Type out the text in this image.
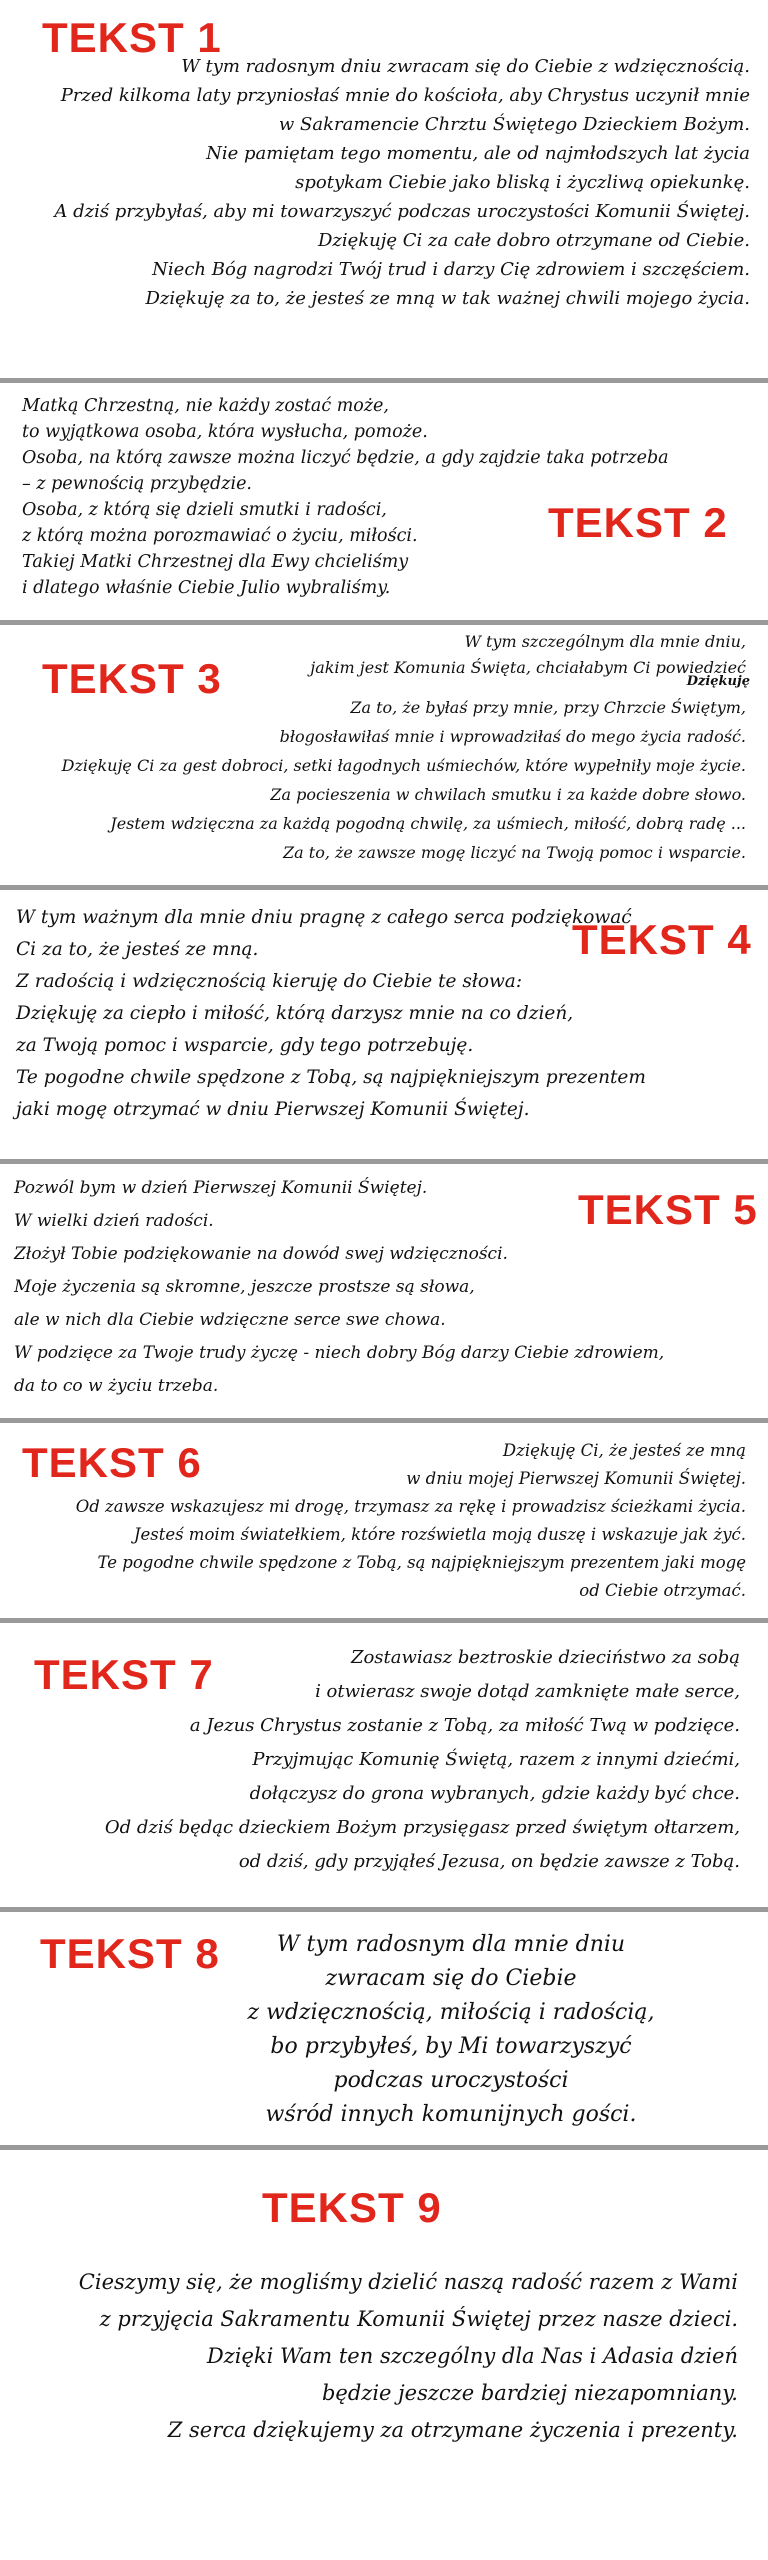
TEKST 1
W tym radosnym dniu zwracam się do Ciebie z wdzięcznością.
Przed kilkoma laty przyniosłaś mnie do kościoła, aby Chrystus uczynił mnie
w Sakramencie Chrztu Świętego Dzieckiem Bożym.
Nie pamiętam tego momentu, ale od najmłodszych lat życia
spotykam Ciebie jako bliską i życzliwą opiekunkę.
A dziś przybyłaś, aby mi towarzyszyć podczas uroczystości Komunii Świętej.
Dziękuję Ci za całe dobro otrzymane od Ciebie.
Niech Bóg nagrodzi Twój trud i darzy Cię zdrowiem i szczęściem.
Dziękuję za to, że jesteś ze mną w tak ważnej chwili mojego życia.
Matką Chrzestną, nie każdy zostać może,
to wyjątkowa osoba, która wysłucha, pomoże.
Osoba, na którą zawsze można liczyć będzie, a gdy zajdzie taka potrzeba
– z pewnością przybędzie.
Osoba, z którą się dzieli smutki i radości,
z którą można porozmawiać o życiu, miłości.
Takiej Matki Chrzestnej dla Ewy chcieliśmy
i dlatego właśnie Ciebie Julio wybraliśmy.
TEKST 2
TEKST 3
W tym szczególnym dla mnie dniu,
jakim jest Komunia Święta, chciałabym Ci powiedzieć
Dziękuję
Za to, że byłaś przy mnie, przy Chrzcie Świętym,
błogosławiłaś mnie i wprowadziłaś do mego życia radość.
Dziękuję Ci za gest dobroci, setki łagodnych uśmiechów, które wypełniły moje życie.
Za pocieszenia w chwilach smutku i za każde dobre słowo.
Jestem wdzięczna za każdą pogodną chwilę, za uśmiech, miłość, dobrą radę ...
Za to, że zawsze mogę liczyć na Twoją pomoc i wsparcie.
W tym ważnym dla mnie dniu pragnę z całego serca podziękować
Ci za to, że jesteś ze mną.
Z radością i wdzięcznością kieruję do Ciebie te słowa:
Dziękuję za ciepło i miłość, którą darzysz mnie na co dzień,
za Twoją pomoc i wsparcie, gdy tego potrzebuję.
Te pogodne chwile spędzone z Tobą, są najpiękniejszym prezentem
jaki mogę otrzymać w dniu Pierwszej Komunii Świętej.
TEKST 4
Pozwól bym w dzień Pierwszej Komunii Świętej.
W wielki dzień radości.
Złożył Tobie podziękowanie na dowód swej wdzięczności.
Moje życzenia są skromne, jeszcze prostsze są słowa,
ale w nich dla Ciebie wdzięczne serce swe chowa.
W podzięce za Twoje trudy życzę - niech dobry Bóg darzy Ciebie zdrowiem,
da to co w życiu trzeba.
TEKST 5
TEKST 6	Dziękuję Ci, że jesteś ze mną
w dniu mojej Pierwszej Komunii Świętej.
Od zawsze wskazujesz mi drogę, trzymasz za rękę i prowadzisz ścieżkami życia.
Jesteś moim światełkiem, które rozświetla moją duszę i wskazuje jak żyć.
Te pogodne chwile spędzone z Tobą, są najpiękniejszym prezentem jaki mogę
od Ciebie otrzymać.
TEKST 7	Zostawiasz beztroskie dzieciństwo za sobą
i otwierasz swoje dotąd zamknięte małe serce,
a Jezus Chrystus zostanie z Tobą, za miłość Twą w podzięce.
Przyjmując Komunię Świętą, razem z innymi dziećmi,
dołączysz do grona wybranych, gdzie każdy być chce.
Od dziś będąc dzieckiem Bożym przysięgasz przed świętym ołtarzem,
od dziś, gdy przyjąłeś Jezusa, on będzie zawsze z Tobą.
TEKST 8	W tym radosnym dla mnie dniu
zwracam się do Ciebie
z wdzięcznością, miłością i radością,
bo przybyłeś, by Mi towarzyszyć
podczas uroczystości
wśród innych komunijnych gości.
TEKST 9
Cieszymy się, że mogliśmy dzielić naszą radość razem z Wami
z przyjęcia Sakramentu Komunii Świętej przez nasze dzieci.
Dzięki Wam ten szczególny dla Nas i Adasia dzień
będzie jeszcze bardziej niezapomniany.
Z serca dziękujemy za otrzymane życzenia i prezenty.
